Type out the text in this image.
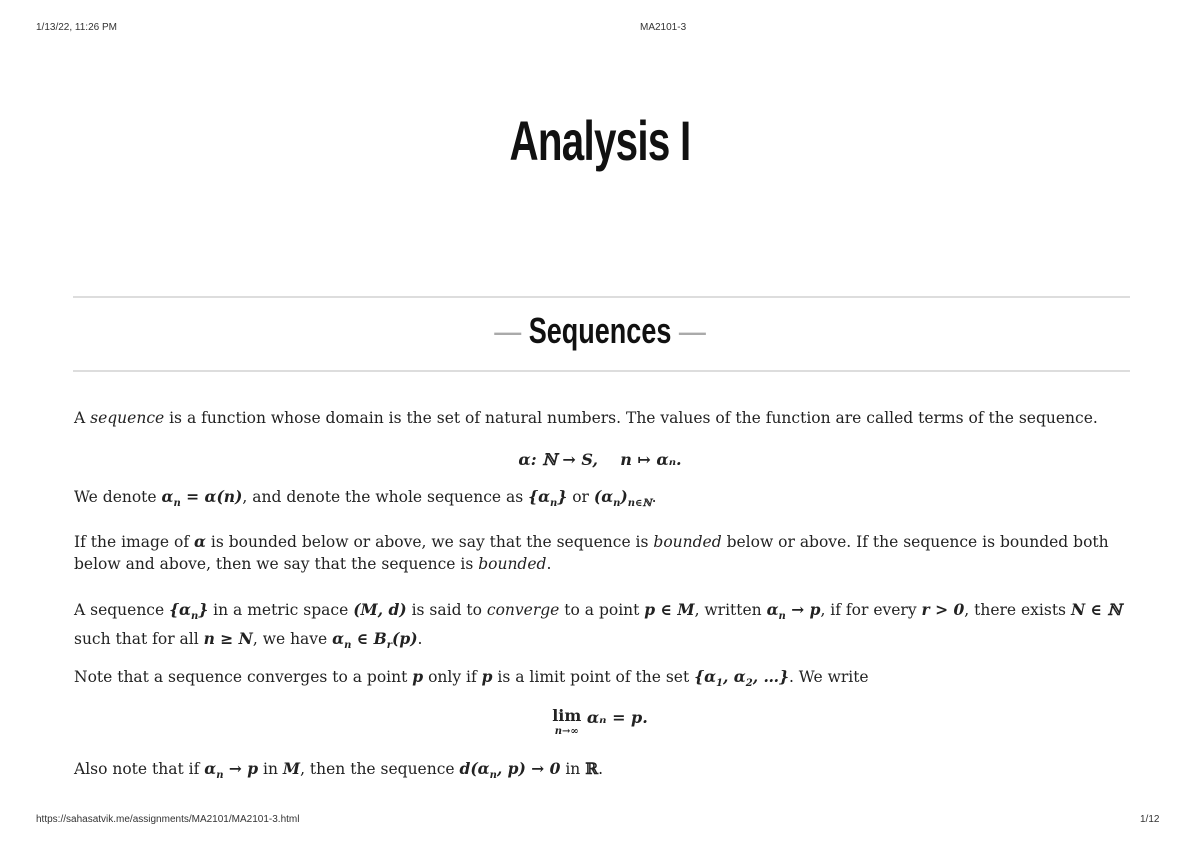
1/13/22, 11:26 PM	MA2101-3
Analysis I
— Sequences —
A sequence is a function whose domain is the set of natural numbers. The values of the function are called terms of the sequence.
α: ℕ → S, n ↦ αₙ.
We denote $\alpha_n = \alpha(n)$, and denote the whole sequence as $\{\alpha_n\}$ or $(\alpha_n)_{n\in ℕ}$.
If the image of α is bounded below or above, we say that the sequence is bounded below or above. If the sequence is bounded both below and above, then we say that the sequence is bounded.
A sequence $\{\alpha_n\}$ in a metric space (M, d) is said to converge to a point p ∈ M, written $\alpha_n \to p$, if for every r > 0, there exists N ∈ ℕ such that for all n ≥ N, we have $\alpha_n$ ∈ $B_r(p)$.
Note that a sequence converges to a point p only if p is a limit point of the set {$\alpha_1$, $\alpha_2$, …}. We write
lim
n→∞
αₙ = p.
Also note that if $\alpha_n \to p$ in M, then the sequence $d(\alpha_n$, p) → 0 in ℝ.
https://sahasatvik.me/assignments/MA2101/MA2101-3.html	1/12
